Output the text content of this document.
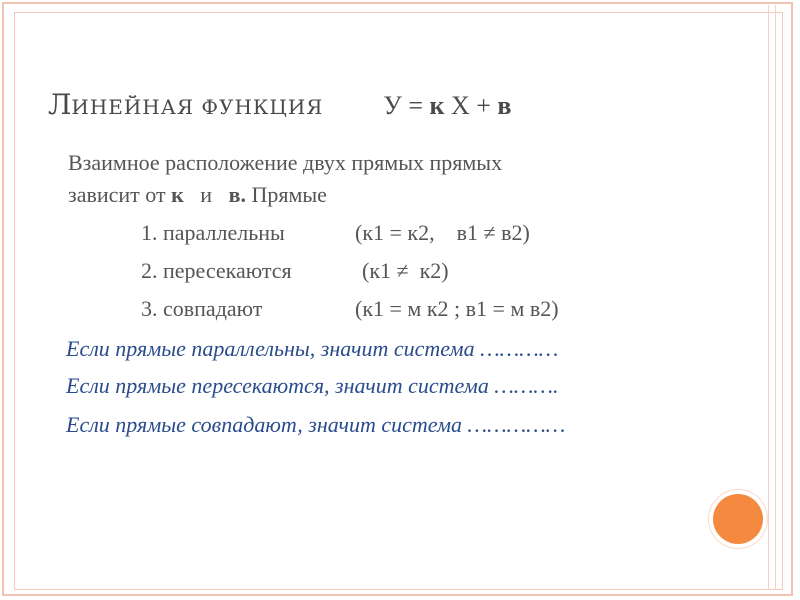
Л ИНЕЙНАЯ ФУНКЦИЯ У = к Х + в
Взаимное расположение двух прямых прямых
зависит от к   и   в. Прямые
1. параллельны	(к1 = к2,    в1 ≠ в2)
2. пересекаются	(к1 ≠  к2)
3. совпадают	(к1 = м к2 ; в1 = м в2)
Если прямые параллельны, значит система …………
Если прямые пересекаются, значит система ……….
Если прямые совпадают, значит система ……………
